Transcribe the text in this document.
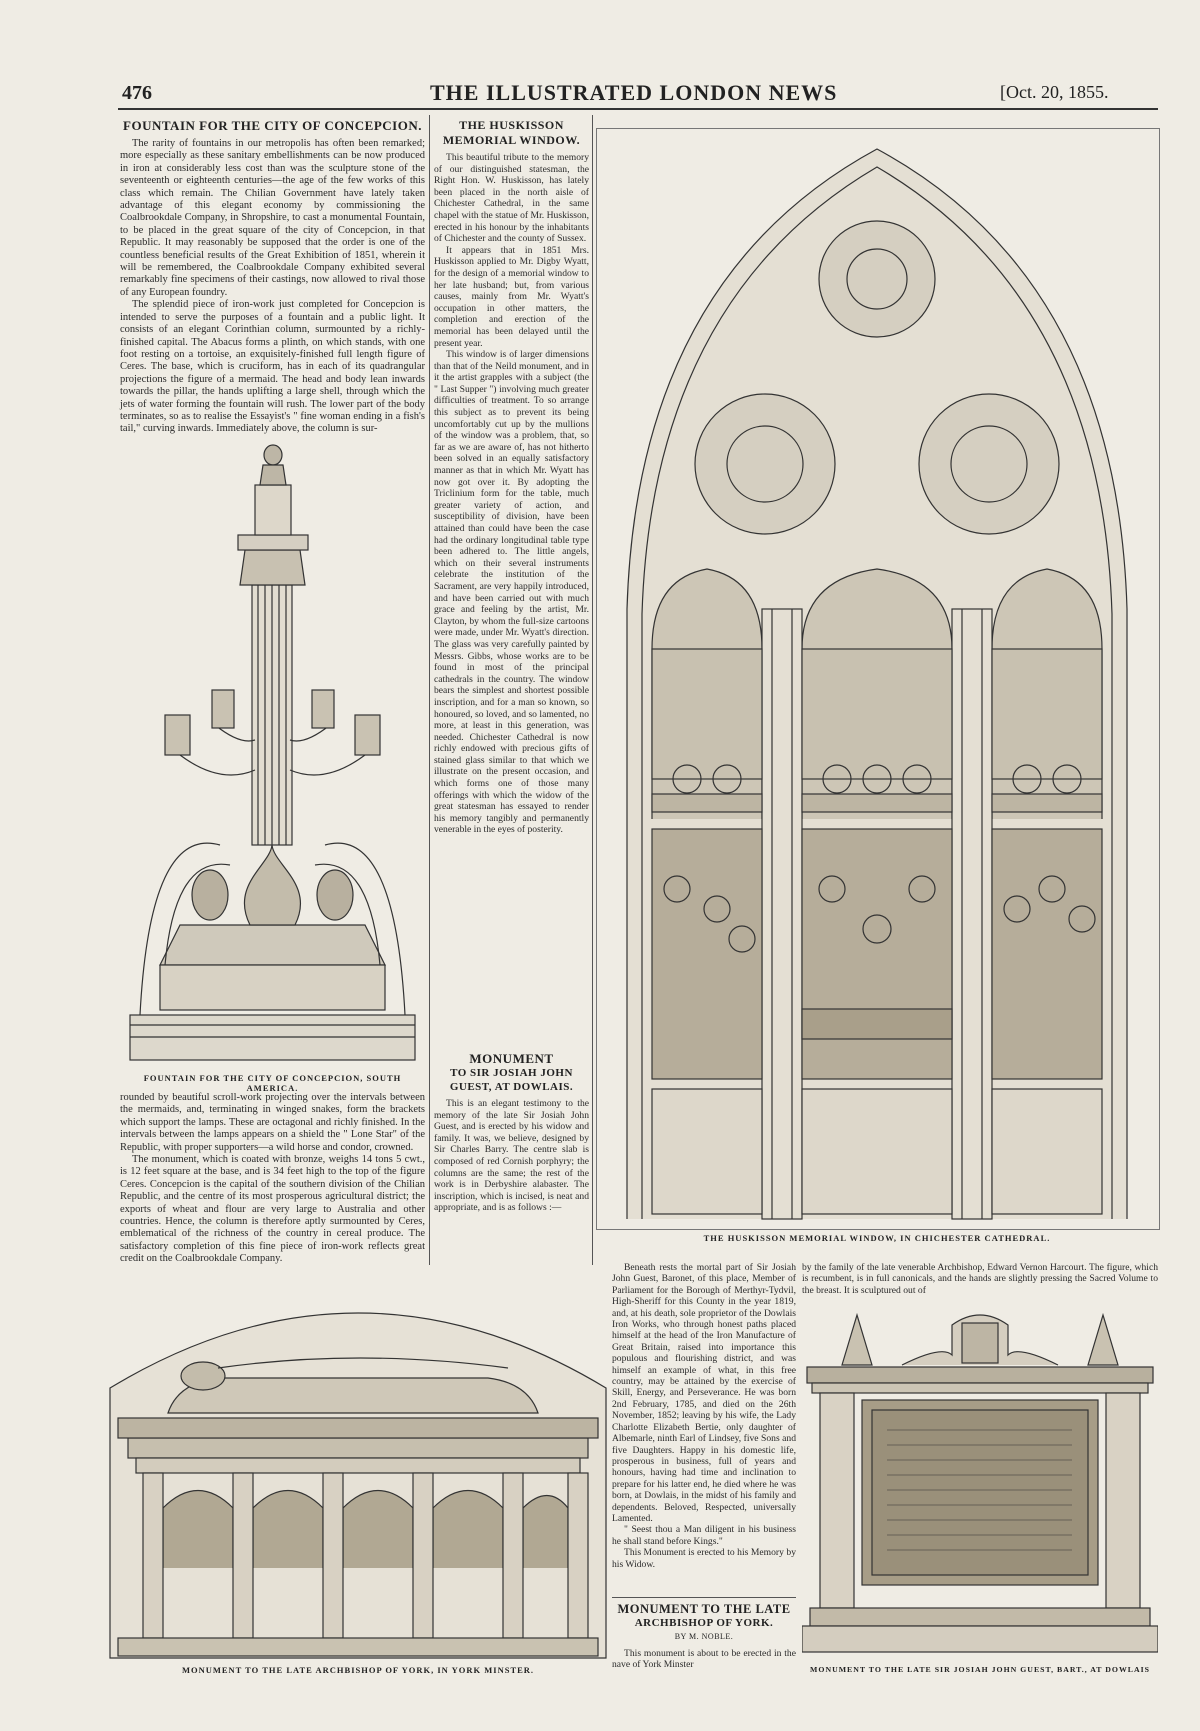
476	THE ILLUSTRATED LONDON NEWS	[Oct. 20, 1855.
FOUNTAIN FOR THE CITY OF CONCEPCION.

The rarity of fountains in our metropolis has often been remarked; more especially as these sanitary embellishments can be now produced in iron at considerably less cost than was the sculpture stone of the seventeenth or eighteenth centuries—the age of the few works of this class which remain. The Chilian Government have lately taken advantage of this elegant economy by commissioning the Coalbrookdale Company, in Shropshire, to cast a monumental Fountain, to be placed in the great square of the city of Concepcion, in that Republic. It may reasonably be supposed that the order is one of the countless beneficial results of the Great Exhibition of 1851, wherein it will be remembered, the Coalbrookdale Company exhibited several remarkably fine specimens of their castings, now allowed to rival those of any European foundry.

The splendid piece of iron-work just completed for Concepcion is intended to serve the purposes of a fountain and a public light. It consists of an elegant Corinthian column, surmounted by a richly-finished capital. The Abacus forms a plinth, on which stands, with one foot resting on a tortoise, an exquisitely-finished full length figure of Ceres. The base, which is cruciform, has in each of its quadrangular projections the figure of a mermaid. The head and body lean inwards towards the pillar, the hands uplifting a large shell, through which the jets of water forming the fountain will rush. The lower part of the body terminates, so as to realise the Essayist's " fine woman ending in a fish's tail," curving inwards. Immediately above, the column is sur-

FOUNTAIN FOR THE CITY OF CONCEPCION, SOUTH AMERICA.

rounded by beautiful scroll-work projecting over the intervals between the mermaids, and, terminating in winged snakes, form the brackets which support the lamps. These are octagonal and richly finished. In the intervals between the lamps appears on a shield the " Lone Star" of the Republic, with proper supporters—a wild horse and condor, crowned.

The monument, which is coated with bronze, weighs 14 tons 5 cwt., is 12 feet square at the base, and is 34 feet high to the top of the figure Ceres. Concepcion is the capital of the southern division of the Chilian Republic, and the centre of its most prosperous agricultural district; the exports of wheat and flour are very large to Australia and other countries. Hence, the column is therefore aptly surmounted by Ceres, emblematical of the richness of the country in cereal produce. The satisfactory completion of this fine piece of iron-work reflects great credit on the Coalbrookdale Company.

THE HUSKISSON
MEMORIAL WINDOW.

This beautiful tribute to the memory of our distinguished statesman, the Right Hon. W. Huskisson, has lately been placed in the north aisle of Chichester Cathedral, in the same chapel with the statue of Mr. Huskisson, erected in his honour by the inhabitants of Chichester and the county of Sussex.

It appears that in 1851 Mrs. Huskisson applied to Mr. Digby Wyatt, for the design of a memorial window to her late husband; but, from various causes, mainly from Mr. Wyatt's occupation in other matters, the completion and erection of the memorial has been delayed until the present year.

This window is of larger dimensions than that of the Neild monument, and in it the artist grapples with a subject (the " Last Supper ") involving much greater difficulties of treatment. To so arrange this subject as to prevent its being uncomfortably cut up by the mullions of the window was a problem, that, so far as we are aware of, has not hitherto been solved in an equally satisfactory manner as that in which Mr. Wyatt has now got over it. By adopting the Triclinium form for the table, much greater variety of action, and susceptibility of division, have been attained than could have been the case had the ordinary longitudinal table type been adhered to. The little angels, which on their several instruments celebrate the institution of the Sacrament, are very happily introduced, and have been carried out with much grace and feeling by the artist, Mr. Clayton, by whom the full-size cartoons were made, under Mr. Wyatt's direction. The glass was very carefully painted by Messrs. Gibbs, whose works are to be found in most of the principal cathedrals in the country. The window bears the simplest and shortest possible inscription, and for a man so known, so honoured, so loved, and so lamented, no more, at least in this generation, was needed. Chichester Cathedral is now richly endowed with precious gifts of stained glass similar to that which we illustrate on the present occasion, and which forms one of those many offerings with which the widow of the great statesman has essayed to render his memory tangibly and permanently venerable in the eyes of posterity.

MONUMENT
TO SIR JOSIAH JOHN
GUEST, AT DOWLAIS.

This is an elegant testimony to the memory of the late Sir Josiah John Guest, and is erected by his widow and family. It was, we believe, designed by Sir Charles Barry. The centre slab is composed of red Cornish porphyry; the columns are the same; the rest of the work is in Derbyshire alabaster. The inscription, which is incised, is neat and appropriate, and is as follows :—

THE HUSKISSON MEMORIAL WINDOW, IN CHICHESTER CATHEDRAL.
MONUMENT TO THE LATE ARCHBISHOP OF YORK, IN YORK MINSTER.

Beneath rests the mortal part of Sir Josiah John Guest, Baronet, of this place, Member of Parliament for the Borough of Merthyr-Tydvil, High-Sheriff for this County in the year 1819, and, at his death, sole proprietor of the Dowlais Iron Works, who through honest paths placed himself at the head of the Iron Manufacture of Great Britain, raised into importance this populous and flourishing district, and was himself an example of what, in this free country, may be attained by the exercise of Skill, Energy, and Perseverance. He was born 2nd February, 1785, and died on the 26th November, 1852; leaving by his wife, the Lady Charlotte Elizabeth Bertie, only daughter of Albemarle, ninth Earl of Lindsey, five Sons and five Daughters. Happy in his domestic life, prosperous in business, full of years and honours, having had time and inclination to prepare for his latter end, he died where he was born, at Dowlais, in the midst of his family and dependents. Beloved, Respected, universally Lamented.

" Seest thou a Man diligent in his business he shall stand before Kings."

This Monument is erected to his Memory by his Widow.

MONUMENT TO THE LATE
ARCHBISHOP OF YORK.
BY M. NOBLE.

This monument is about to be erected in the nave of York Minster

by the family of the late venerable Archbishop, Edward Vernon Harcourt. The figure, which is recumbent, is in full canonicals, and the hands are slightly pressing the Sacred Volume to the breast. It is sculptured out of

MONUMENT TO THE LATE SIR JOSIAH JOHN GUEST, BART., AT DOWLAIS
